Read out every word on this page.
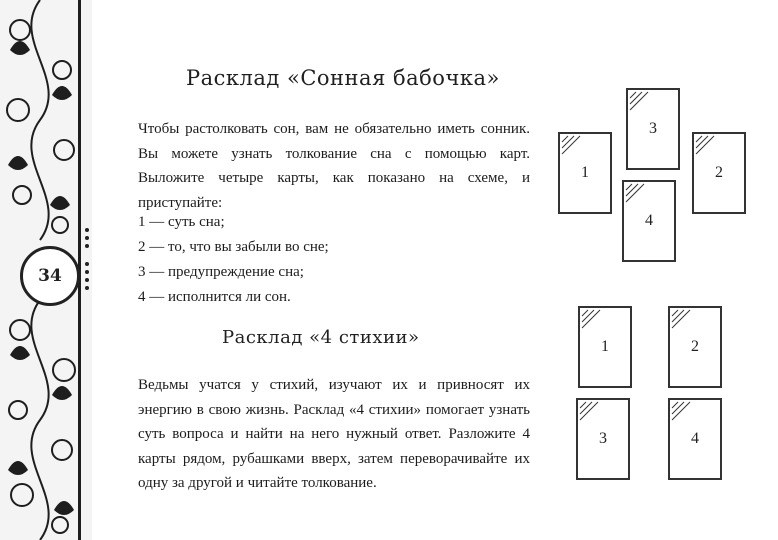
34
Расклад «Сонная бабочка»
Чтобы растолковать сон, вам не обязательно иметь сонник. Вы можете узнать толкование сна с помощью карт. Выложите четыре карты, как показано на схеме, и приступайте:
1 — суть сна;
2 — то, что вы забыли во сне;
3 — предупреждение сна;
4 — исполнится ли сон.
1
3
2
4
Расклад «4 стихии»
Ведьмы учатся у стихий, изучают их и привносят их энергию в свою жизнь. Расклад «4 стихии» помогает узнать суть вопроса и найти на него нужный ответ. Разложите 4 карты рядом, рубашками вверх, затем переворачивайте их одну за другой и читайте толкование.
1	2
3	4
